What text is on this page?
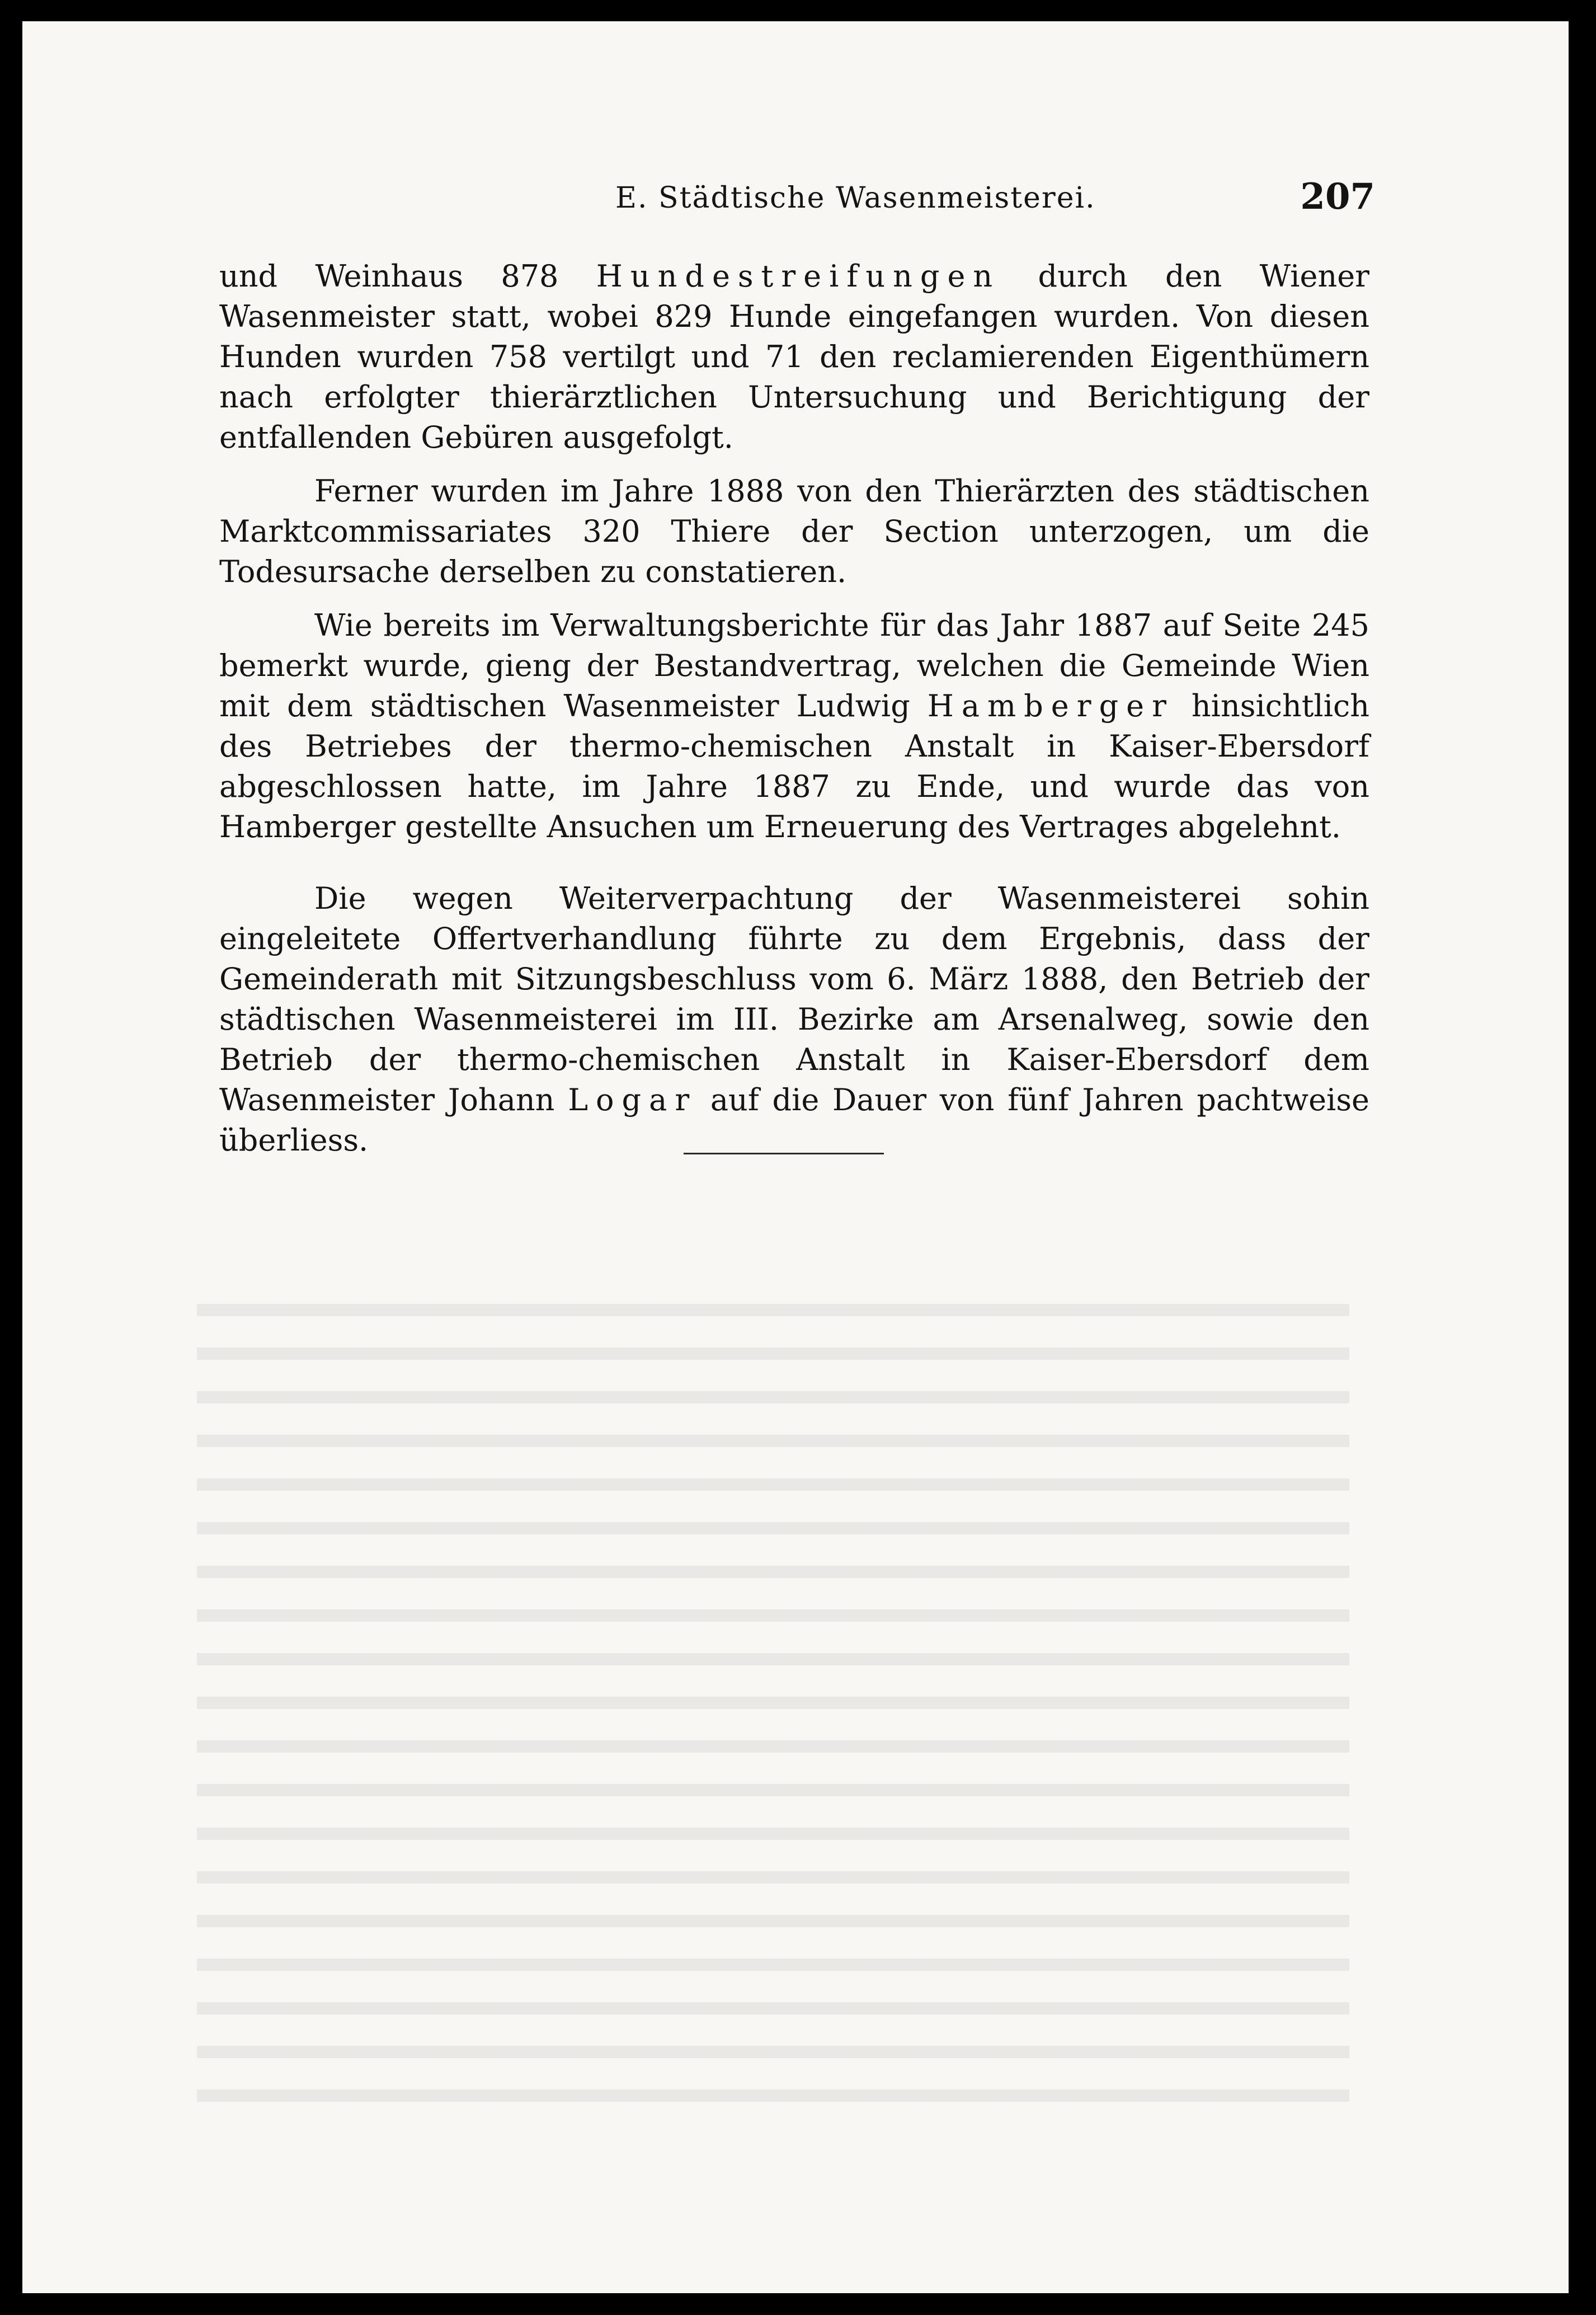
E. Städtische Wasenmeisterei.	207

und Weinhaus 878 Hundestreifungen durch den Wiener Wasenmeister statt, wobei 829 Hunde eingefangen wurden. Von diesen Hunden wurden 758 vertilgt und 71 den reclamierenden Eigenthümern nach erfolgter thierärztlichen Untersuchung und Berichtigung der entfallenden Gebüren ausgefolgt.

Ferner wurden im Jahre 1888 von den Thierärzten des städtischen Marktcommissariates 320 Thiere der Section unterzogen, um die Todesursache derselben zu constatieren.

Wie bereits im Verwaltungsberichte für das Jahr 1887 auf Seite 245 bemerkt wurde, gieng der Bestandvertrag, welchen die Gemeinde Wien mit dem städtischen Wasenmeister Ludwig Hamberger hinsichtlich des Betriebes der thermo-chemischen Anstalt in Kaiser-Ebersdorf abgeschlossen hatte, im Jahre 1887 zu Ende, und wurde das von Hamberger gestellte Ansuchen um Erneuerung des Vertrages abgelehnt.

Die wegen Weiterverpachtung der Wasenmeisterei sohin eingeleitete Offertverhandlung führte zu dem Ergebnis, dass der Gemeinderath mit Sitzungsbeschluss vom 6. März 1888, den Betrieb der städtischen Wasenmeisterei im III. Bezirke am Arsenalweg, sowie den Betrieb der thermo-chemischen Anstalt in Kaiser-Ebersdorf dem Wasenmeister Johann Logar auf die Dauer von fünf Jahren pachtweise überliess.
